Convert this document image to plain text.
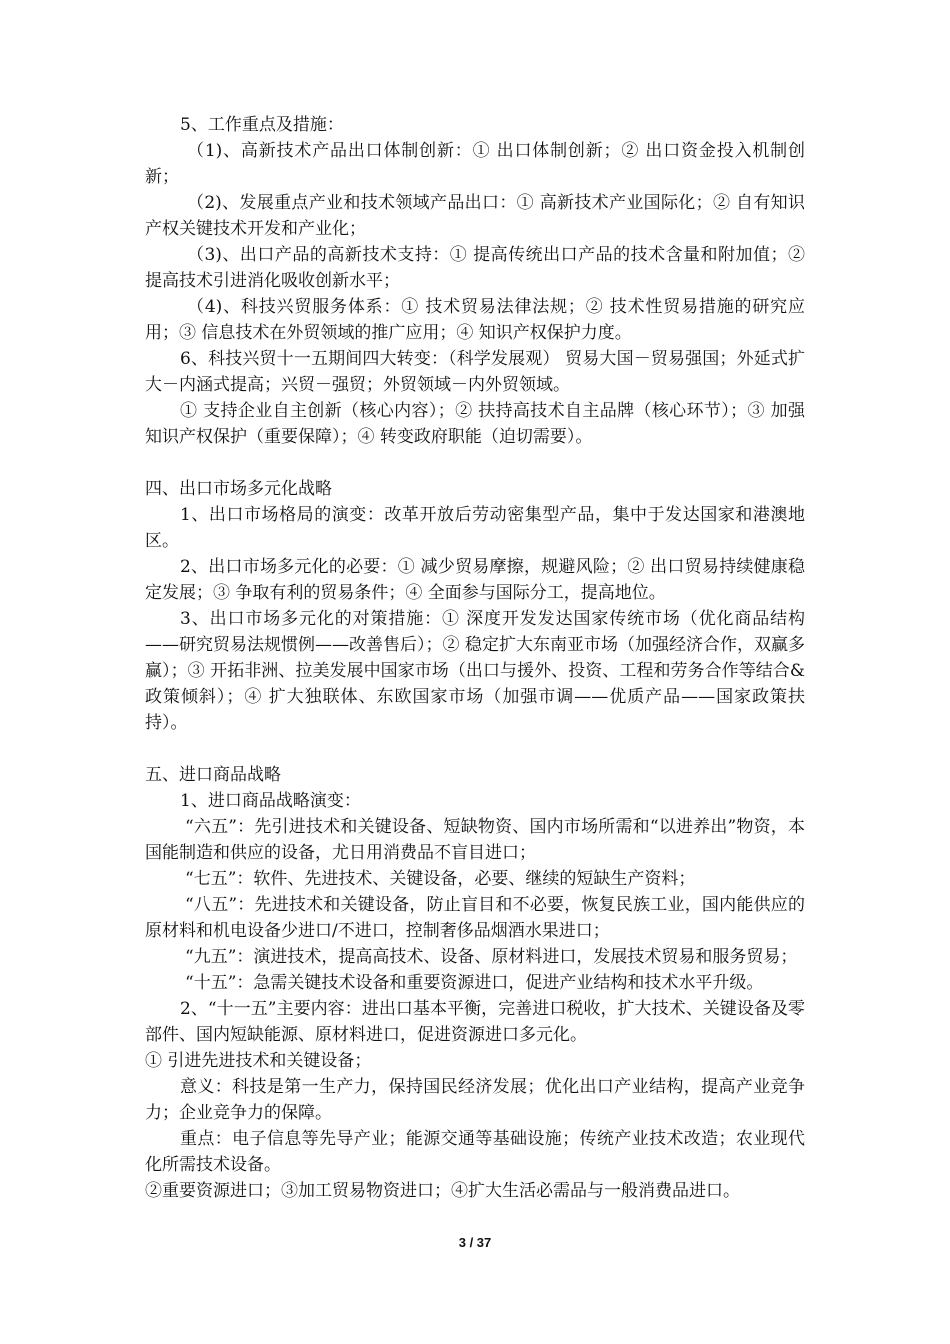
5、工作重点及措施：

（1)、高新技术产品出口体制创新：① 出口体制创新；② 出口资金投入机制创新；

（2)、发展重点产业和技术领域产品出口：① 高新技术产业国际化；② 自有知识产权关键技术开发和产业化；

（3)、出口产品的高新技术支持：① 提高传统出口产品的技术含量和附加值；② 提高技术引进消化吸收创新水平；

（4)、科技兴贸服务体系：① 技术贸易法律法规；② 技术性贸易措施的研究应用；③ 信息技术在外贸领域的推广应用；④ 知识产权保护力度。

6、科技兴贸十一五期间四大转变：（科学发展观） 贸易大国－贸易强国；外延式扩大－内涵式提高；兴贸－强贸；外贸领域－内外贸领域。

① 支持企业自主创新（核心内容）；② 扶持高技术自主品牌（核心环节）；③ 加强知识产权保护（重要保障）；④ 转变政府职能（迫切需要）。

四、出口市场多元化战略

1、出口市场格局的演变：改革开放后劳动密集型产品，集中于发达国家和港澳地区。

2、出口市场多元化的必要：① 减少贸易摩擦，规避风险；② 出口贸易持续健康稳定发展；③ 争取有利的贸易条件；④ 全面参与国际分工，提高地位。

3、出口市场多元化的对策措施：① 深度开发发达国家传统市场（优化商品结构——研究贸易法规惯例——改善售后）；② 稳定扩大东南亚市场（加强经济合作，双赢多赢）；③ 开拓非洲、拉美发展中国家市场（出口与援外、投资、工程和劳务合作等结合&政策倾斜）；④ 扩大独联体、东欧国家市场（加强市调——优质产品——国家政策扶持）。

五、进口商品战略

1、进口商品战略演变：

“六五”：先引进技术和关键设备、短缺物资、国内市场所需和“以进养出”物资，本国能制造和供应的设备，尤日用消费品不盲目进口；

“七五”：软件、先进技术、关键设备，必要、继续的短缺生产资料；

“八五”：先进技术和关键设备，防止盲目和不必要，恢复民族工业，国内能供应的原材料和机电设备少进口/不进口，控制奢侈品烟酒水果进口；

“九五”：演进技术，提高高技术、设备、原材料进口，发展技术贸易和服务贸易；

“十五”：急需关键技术设备和重要资源进口，促进产业结构和技术水平升级。

2、“十一五”主要内容：进出口基本平衡，完善进口税收，扩大技术、关键设备及零部件、国内短缺能源、原材料进口，促进资源进口多元化。

① 引进先进技术和关键设备；

意义：科技是第一生产力，保持国民经济发展；优化出口产业结构，提高产业竞争力；企业竞争力的保障。

重点：电子信息等先导产业；能源交通等基础设施；传统产业技术改造；农业现代化所需技术设备。

②重要资源进口；③加工贸易物资进口；④扩大生活必需品与一般消费品进口。

3 / 37
